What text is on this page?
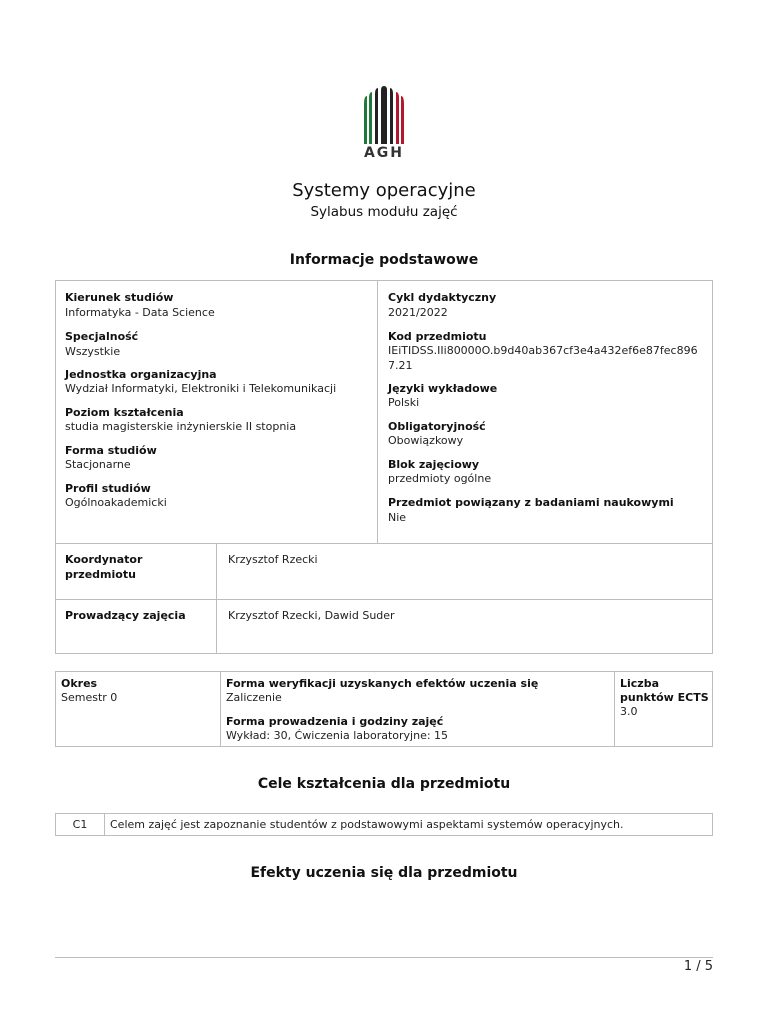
AGH
Systemy operacyjne
Sylabus modułu zajęć
Informacje podstawowe
Kierunek studiów
Informatyka - Data Science
Specjalność
Wszystkie
Jednostka organizacyjna
Wydział Informatyki, Elektroniki i Telekomunikacji
Poziom kształcenia
studia magisterskie inżynierskie II stopnia
Forma studiów
Stacjonarne
Profil studiów
Ogólnoakademicki
Cykl dydaktyczny
2021/2022
Kod przedmiotu
IEiTIDSS.IIi80000O.b9d40ab367cf3e4a432ef6e87fec896
7.21
Języki wykładowe
Polski
Obligatoryjność
Obowiązkowy
Blok zajęciowy
przedmioty ogólne
Przedmiot powiązany z badaniami naukowymi
Nie
Koordynator
przedmiotu
Krzysztof Rzecki
Prowadzący zajęcia	Krzysztof Rzecki, Dawid Suder
Okres
Semestr 0
Forma weryfikacji uzyskanych efektów uczenia się
Zaliczenie
Forma prowadzenia i godziny zajęć
Wykład: 30, Ćwiczenia laboratoryjne: 15
Liczba
punktów ECTS
3.0
Cele kształcenia dla przedmiotu
C1	Celem zajęć jest zapoznanie studentów z podstawowymi aspektami systemów operacyjnych.
Efekty uczenia się dla przedmiotu
1 / 5
